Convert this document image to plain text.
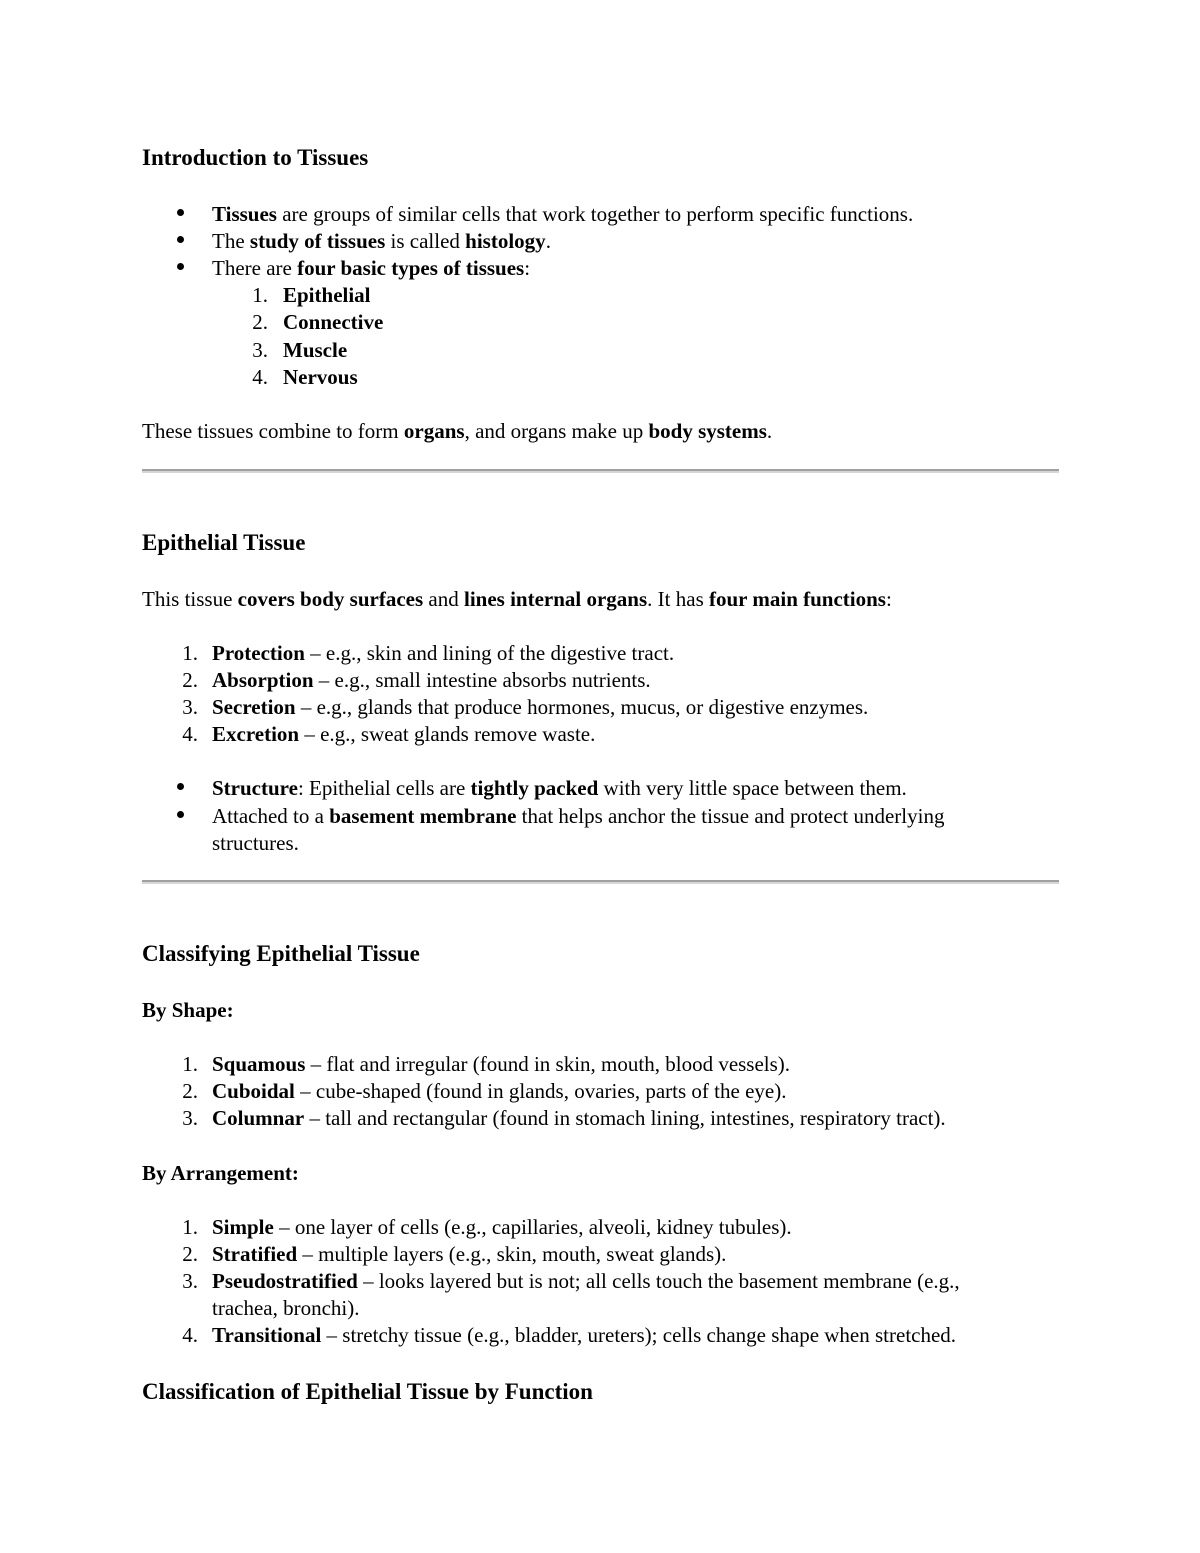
Introduction to Tissues

Tissues are groups of similar cells that work together to perform specific functions.

The study of tissues is called histology.

There are four basic types of tissues:

1. Epithelial

2. Connective

3. Muscle

4. Nervous

These tissues combine to form organs, and organs make up body systems.

Epithelial Tissue

This tissue covers body surfaces and lines internal organs. It has four main functions:

1. Protection – e.g., skin and lining of the digestive tract.

2. Absorption – e.g., small intestine absorbs nutrients.

3. Secretion – e.g., glands that produce hormones, mucus, or digestive enzymes.

4. Excretion – e.g., sweat glands remove waste.

Structure: Epithelial cells are tightly packed with very little space between them.

Attached to a basement membrane that helps anchor the tissue and protect underlying

structures.

Classifying Epithelial Tissue

By Shape:

1. Squamous – flat and irregular (found in skin, mouth, blood vessels).

2. Cuboidal – cube-shaped (found in glands, ovaries, parts of the eye).

3. Columnar – tall and rectangular (found in stomach lining, intestines, respiratory tract).

By Arrangement:

1. Simple – one layer of cells (e.g., capillaries, alveoli, kidney tubules).

2. Stratified – multiple layers (e.g., skin, mouth, sweat glands).

3. Pseudostratified – looks layered but is not; all cells touch the basement membrane (e.g.,

trachea, bronchi).

4. Transitional – stretchy tissue (e.g., bladder, ureters); cells change shape when stretched.

Classification of Epithelial Tissue by Function
